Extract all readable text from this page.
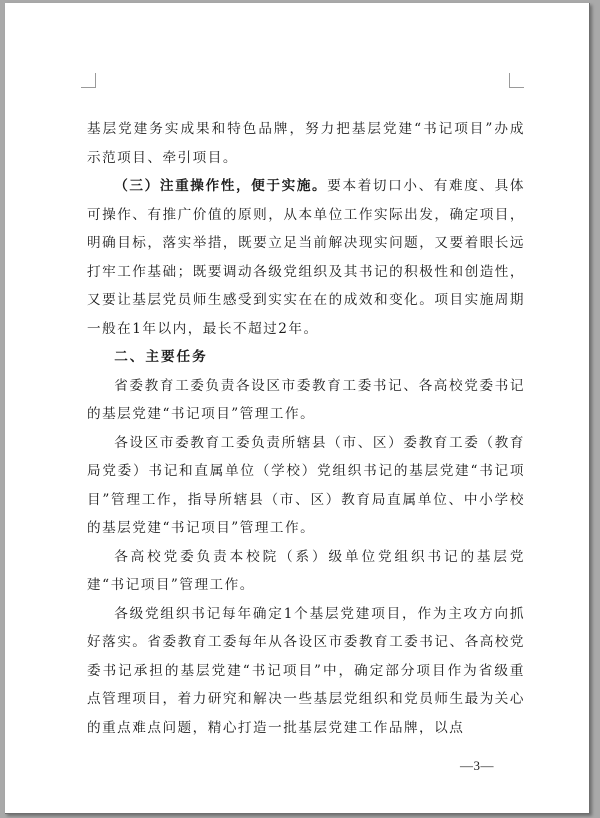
基层党建务实成果和特色品牌，努力把基层党建“书记项目”办成示范项目、牵引项目。

（三）注重操作性，便于实施。要本着切口小、有难度、具体可操作、有推广价值的原则，从本单位工作实际出发，确定项目，明确目标，落实举措，既要立足当前解决现实问题，又要着眼长远打牢工作基础；既要调动各级党组织及其书记的积极性和创造性，又要让基层党员师生感受到实实在在的成效和变化。项目实施周期一般在1年以内，最长不超过2年。

二、主要任务

省委教育工委负责各设区市委教育工委书记、各高校党委书记的基层党建“书记项目”管理工作。

各设区市委教育工委负责所辖县（市、区）委教育工委（教育局党委）书记和直属单位（学校）党组织书记的基层党建“书记项目”管理工作，指导所辖县（市、区）教育局直属单位、中小学校的基层党建“书记项目”管理工作。

各高校党委负责本校院（系）级单位党组织书记的基层党建“书记项目”管理工作。

各级党组织书记每年确定1个基层党建项目，作为主攻方向抓好落实。省委教育工委每年从各设区市委教育工委书记、各高校党委书记承担的基层党建“书记项目”中，确定部分项目作为省级重点管理项目，着力研究和解决一些基层党组织和党员师生最为关心的重点难点问题，精心打造一批基层党建工作品牌，以点

—3—
